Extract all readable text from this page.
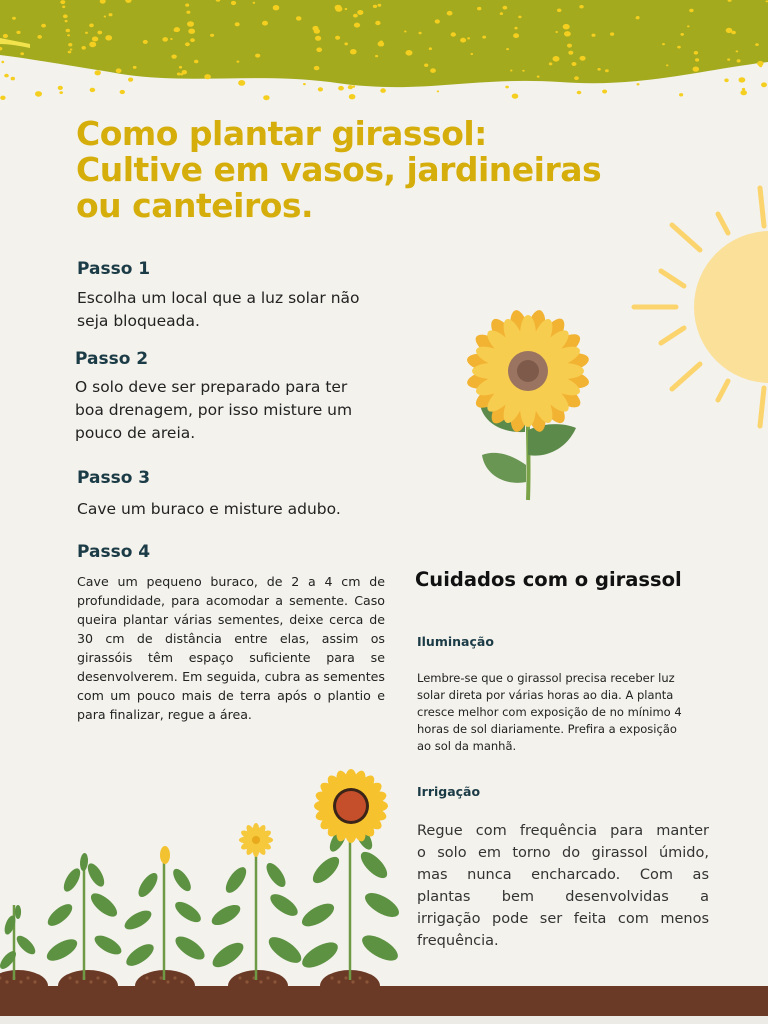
Como plantar girassol:
Cultive em vasos, jardineiras
ou canteiros.
Passo 1

Escolha um local que a luz solar não
seja bloqueada.

Passo 2

O solo deve ser preparado para ter
boa drenagem, por isso misture um
pouco de areia.

Passo 3

Cave um buraco e misture adubo.

Passo 4

Cave um pequeno buraco, de 2 a 4 cm de profundidade, para acomodar a semente. Caso queira plantar várias sementes, deixe cerca de 30 cm de distância entre elas, assim os girassóis têm espaço suficiente para se desenvolverem. Em seguida, cubra as sementes com um pouco mais de terra após o plantio e para finalizar, regue a área.

Cuidados com o girassol
Iluminação

Lembre-se que o girassol precisa receber luz
solar direta por várias horas ao dia. A planta
cresce melhor com exposição de no mínimo 4
horas de sol diariamente. Prefira a exposição
ao sol da manhã.

Irrigação

Regue com frequência para manter
o solo em torno do girassol úmido,
mas nunca encharcado. Com as
plantas bem desenvolvidas a
irrigação pode ser feita com menos
frequência.
